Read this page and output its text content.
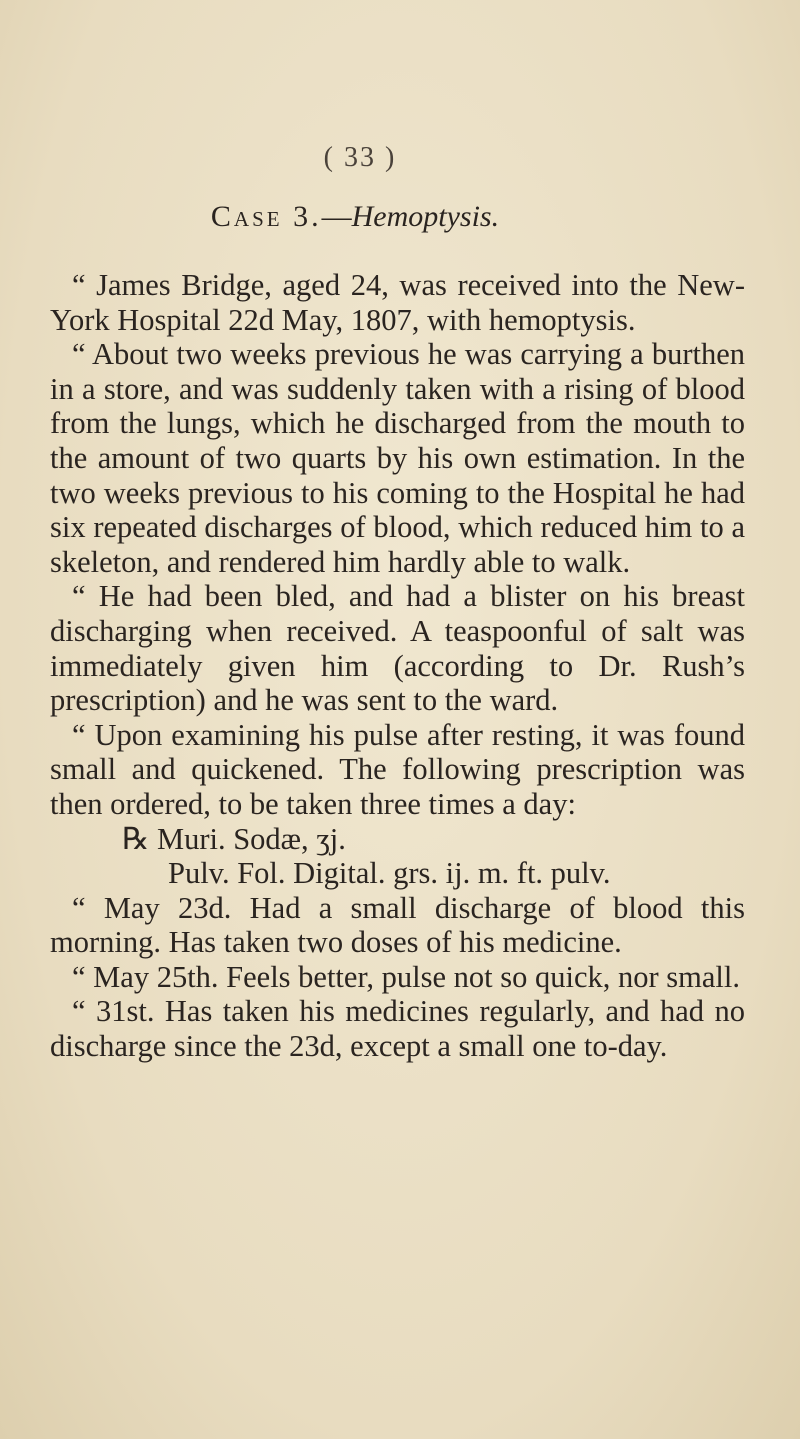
( 33 )
Case 3.—Hemoptysis.

“ James Bridge, aged 24, was received into the New-York Hospital 22d May, 1807, with hemoptysis.

“ About two weeks previous he was carrying a burthen in a store, and was suddenly taken with a rising of blood from the lungs, which he discharged from the mouth to the amount of two quarts by his own estimation. In the two weeks previous to his coming to the Hospital he had six repeated discharges of blood, which reduced him to a skeleton, and rendered him hardly able to walk.

“ He had been bled, and had a blister on his breast discharging when received. A teaspoonful of salt was immediately given him (according to Dr. Rush’s prescription) and he was sent to the ward.

“ Upon examining his pulse after resting, it was found small and quickened. The following prescription was then ordered, to be taken three times a day:

℞ Muri. Sodæ, ʒj.

Pulv. Fol. Digital. grs. ij. m. ft. pulv.

“ May 23d. Had a small discharge of blood this morning. Has taken two doses of his medicine.

“ May 25th. Feels better, pulse not so quick, nor small.

“ 31st. Has taken his medicines regularly, and had no discharge since the 23d, except a small one to-day.
